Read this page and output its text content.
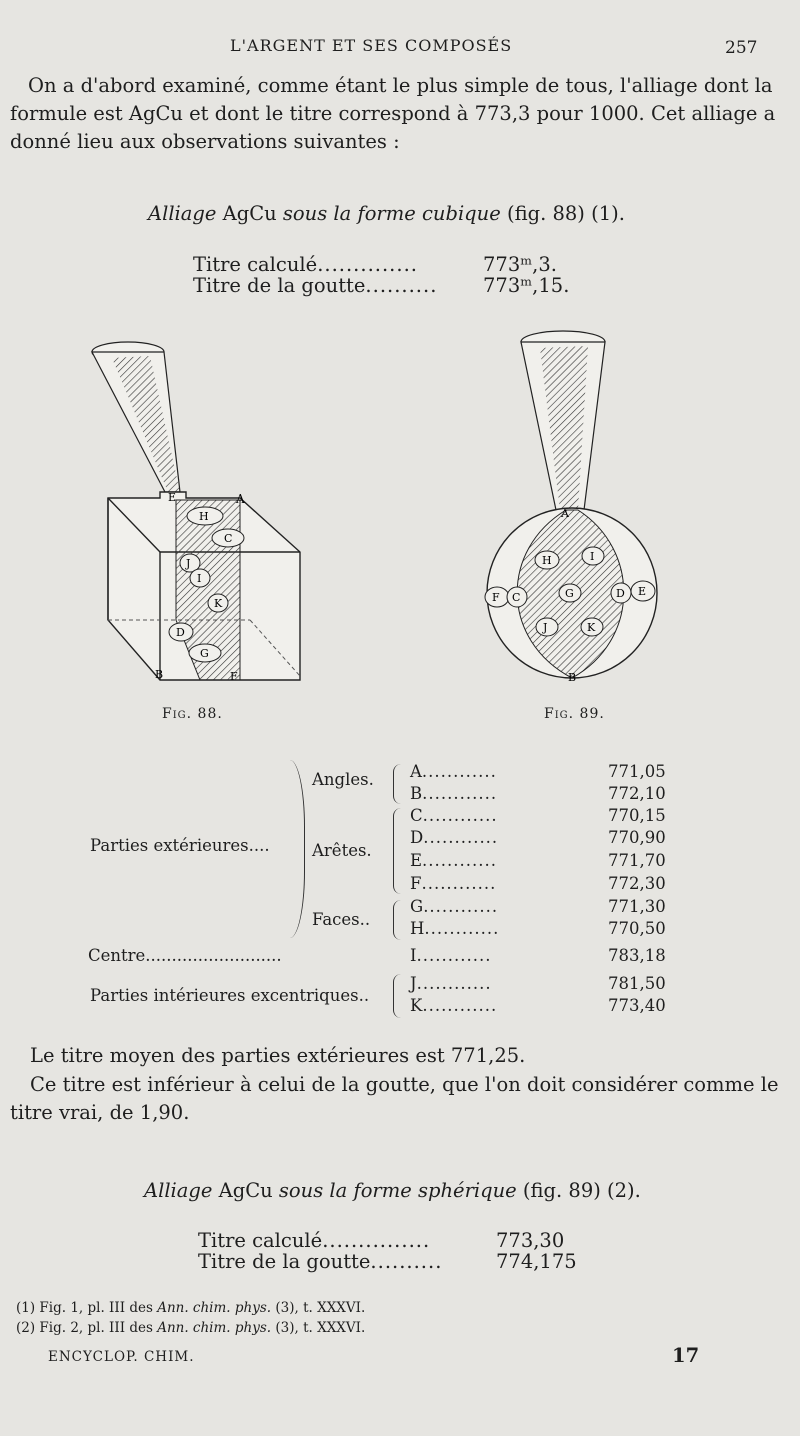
L'ARGENT ET SES COMPOSÉS	257
On a d'abord examiné, comme étant le plus simple de tous, l'alliage dont la
formule est AgCu et dont le titre correspond à 773,3 pour 1000. Cet alliage a
donné lieu aux observations suivantes :
Alliage AgCu sous la forme cubique (fig. 88) (1).
Titre calculé..............	773ᵐ,3.
Titre de la goutte.......... 773ᵐ,15.
E	A
H
C
J
I
K
D
G
B	F
A
H	I
F C	G	D E
J	K
B
Fig. 88.	Fig. 89.
Parties extérieures....
Angles.
Arêtes.
Faces..
A............	771,05
B............	772,10
C............	770,15
D............	770,90
E............	771,70
F............	772,30
G............	771,30
H............	770,50
Centre..........................	I............	783,18
Parties intérieures excentriques..
J............	781,50
K............	773,40
Le titre moyen des parties extérieures est 771,25.
Ce titre est inférieur à celui de la goutte, que l'on doit considérer comme le
titre vrai, de 1,90.
Alliage AgCu sous la forme sphérique (fig. 89) (2).
Titre calculé...............	773,30
Titre de la goutte..........	774,175
(1) Fig. 1, pl. III des Ann. chim. phys. (3), t. XXXVI.
(2) Fig. 2, pl. III des Ann. chim. phys. (3), t. XXXVI.
ENCYCLOP. CHIM.	17
